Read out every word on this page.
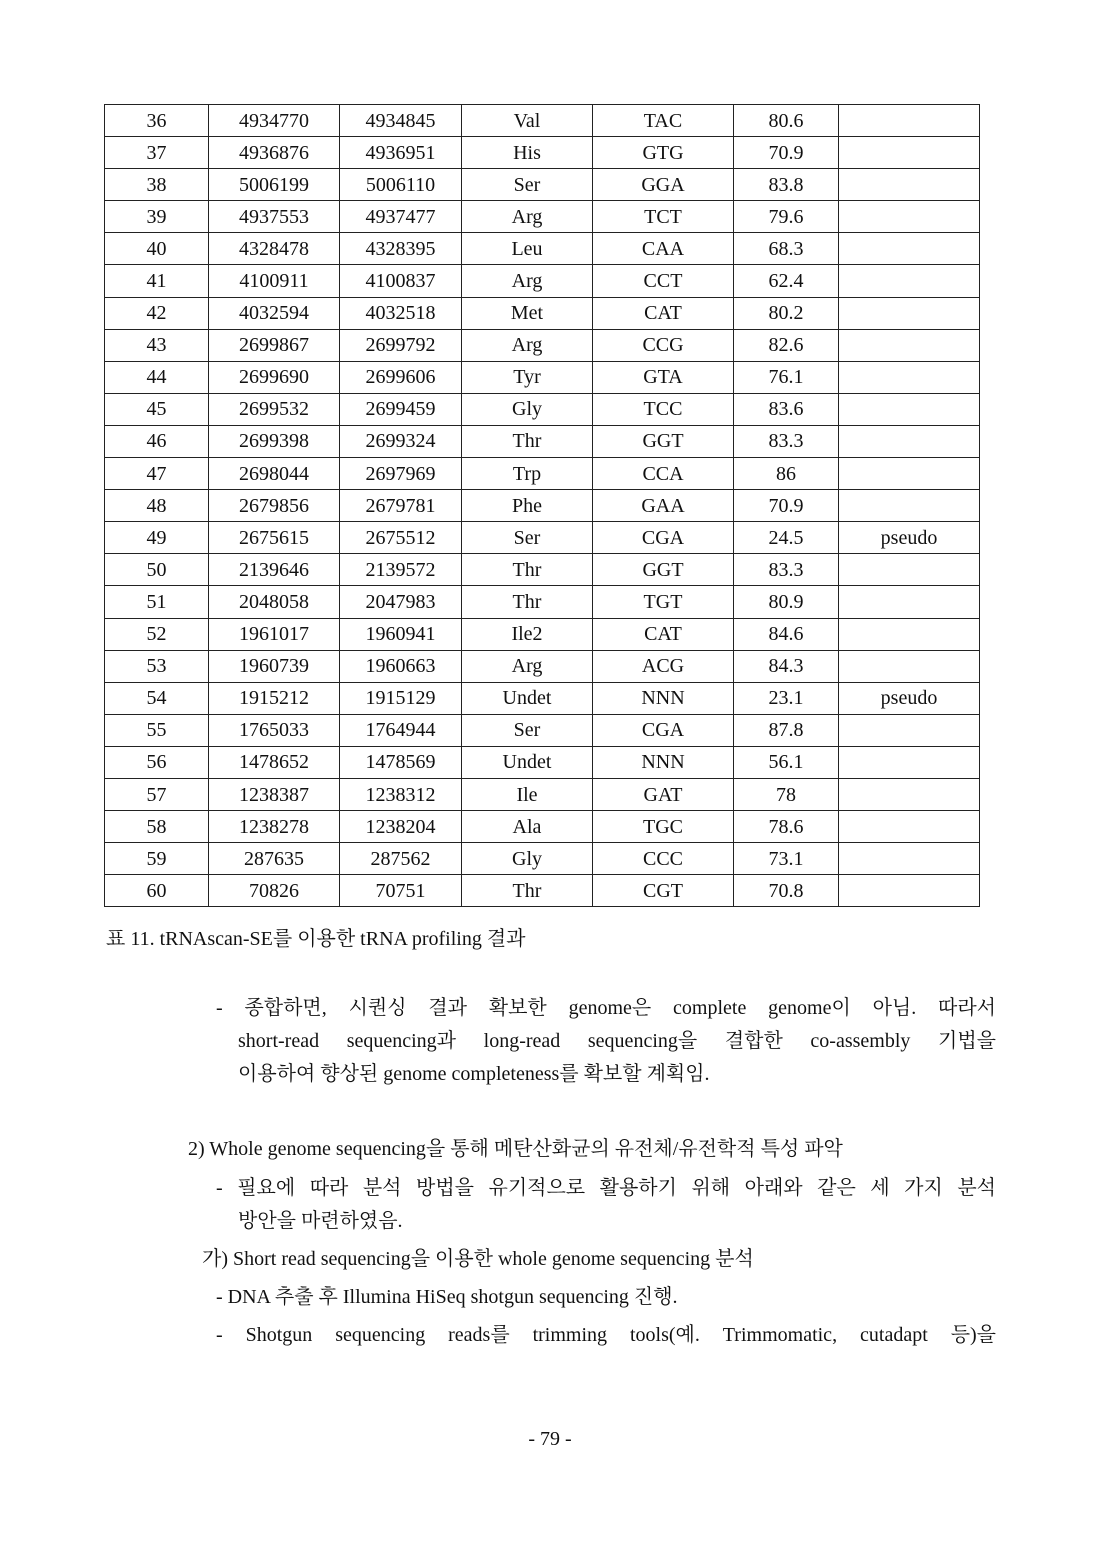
36	4934770	4934845	Val	TAC	80.6	
37	4936876	4936951	His	GTG	70.9	
38	5006199	5006110	Ser	GGA	83.8	
39	4937553	4937477	Arg	TCT	79.6	
40	4328478	4328395	Leu	CAA	68.3	
41	4100911	4100837	Arg	CCT	62.4	
42	4032594	4032518	Met	CAT	80.2	
43	2699867	2699792	Arg	CCG	82.6	
44	2699690	2699606	Tyr	GTA	76.1	
45	2699532	2699459	Gly	TCC	83.6	
46	2699398	2699324	Thr	GGT	83.3	
47	2698044	2697969	Trp	CCA	86	
48	2679856	2679781	Phe	GAA	70.9	
49	2675615	2675512	Ser	CGA	24.5	pseudo
50	2139646	2139572	Thr	GGT	83.3	
51	2048058	2047983	Thr	TGT	80.9	
52	1961017	1960941	Ile2	CAT	84.6	
53	1960739	1960663	Arg	ACG	84.3	
54	1915212	1915129	Undet	NNN	23.1	pseudo
55	1765033	1764944	Ser	CGA	87.8	
56	1478652	1478569	Undet	NNN	56.1	
57	1238387	1238312	Ile	GAT	78	
58	1238278	1238204	Ala	TGC	78.6	
59	287635	287562	Gly	CCC	73.1	
60	70826	70751	Thr	CGT	70.8	
표 11. tRNAscan-SE를 이용한 tRNA profiling 결과
- 종합하면, 시퀀싱 결과 확보한 genome은 complete genome이 아님. 따라서
short-read sequencing과 long-read sequencing을 결합한 co-assembly 기법을
이용하여 향상된 genome completeness를 확보할 계획임.
2) Whole genome sequencing을 통해 메탄산화균의 유전체/유전학적 특성 파악
- 필요에 따라 분석 방법을 유기적으로 활용하기 위해 아래와 같은 세 가지 분석
방안을 마련하였음.
가) Short read sequencing을 이용한 whole genome sequencing 분석
- DNA 추출 후 Illumina HiSeq shotgun sequencing 진행.
- Shotgun sequencing reads를 trimming tools(예. Trimmomatic, cutadapt 등)을
- 79 -
